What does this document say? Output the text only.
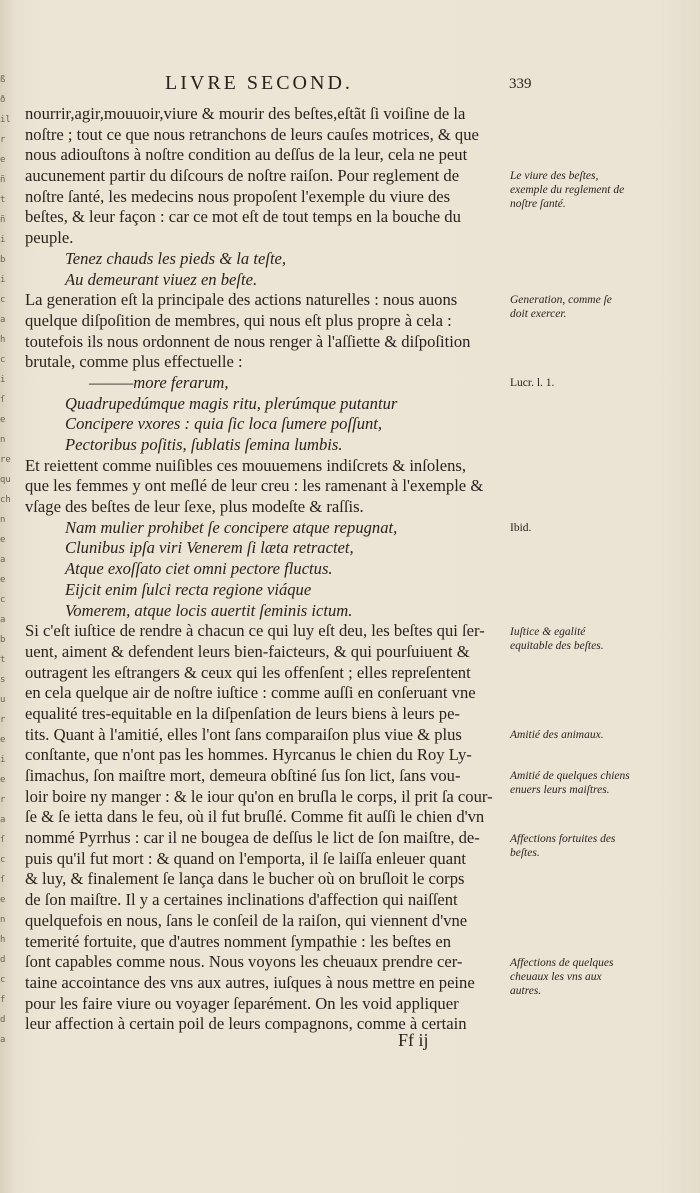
ß
ð
il
r
e
ñ
t
ñ
i
b
i
c
a
h
c
i
ſ
e
n
re
qu
ch
n
e
a
e
c
a
b
t
s
u
r
e
i
e
r
a
ſ
c
ſ
e
n
h
d
c
f
d
a
LIVRE SECOND.	339
nourrir,agir,mouuoir,viure & mourir des beſtes,eſtãt ſi voiſine de la
noſtre ; tout ce que nous retranchons de leurs cauſes motrices, & que
nous adiouſtons à noſtre condition au deſſus de la leur, cela ne peut
aucunement partir du diſcours de noſtre raiſon. Pour reglement de
noſtre ſanté, les medecins nous propoſent l'exemple du viure des
beſtes, & leur façon : car ce mot eſt de tout temps en la bouche du
peuple.
Tenez chauds les pieds & la teſte,
Au demeurant viuez en beſte.
La generation eſt la principale des actions naturelles : nous auons
quelque diſpoſition de membres, qui nous eſt plus propre à cela :
toutefois ils nous ordonnent de nous renger à l'aſſiette & diſpoſition
brutale, comme plus effectuelle :
———more ferarum,
Quadrupedúmque magis ritu, plerúmque putantur
Concipere vxores : quia ſic loca ſumere poſſunt,
Pectoribus poſitis, ſublatis ſemina lumbis.
Et reiettent comme nuiſibles ces mouuemens indiſcrets & inſolens,
que les femmes y ont meſlé de leur creu : les ramenant à l'exemple &
vſage des beſtes de leur ſexe, plus modeſte & raſſis.
Nam mulier prohibet ſe concipere atque repugnat,
Clunibus ipſa viri Venerem ſi læta retractet,
Atque exoſſato ciet omni pectore fluctus.
Eijcit enim ſulci recta regione viáque
Vomerem, atque locis auertit ſeminis ictum.
Si c'eſt iuſtice de rendre à chacun ce qui luy eſt deu, les beſtes qui ſer-
uent, aiment & defendent leurs bien-faicteurs, & qui pourſuiuent &
outragent les eſtrangers & ceux qui les offenſent ; elles repreſentent
en cela quelque air de noſtre iuſtice : comme auſſi en conſeruant vne
equalité tres-equitable en la diſpenſation de leurs biens à leurs pe-
tits. Quant à l'amitié, elles l'ont ſans comparaiſon plus viue & plus
conſtante, que n'ont pas les hommes. Hyrcanus le chien du Roy Ly-
ſimachus, ſon maiſtre mort, demeura obſtiné ſus ſon lict, ſans vou-
loir boire ny manger : & le iour qu'on en bruſla le corps, il prit ſa cour-
ſe & ſe ietta dans le feu, où il fut bruſlé. Comme fit auſſi le chien d'vn
nommé Pyrrhus : car il ne bougea de deſſus le lict de ſon maiſtre, de-
puis qu'il fut mort : & quand on l'emporta, il ſe laiſſa enleuer quant
& luy, & finalement ſe lança dans le bucher où on bruſloit le corps
de ſon maiſtre. Il y a certaines inclinations d'affection qui naiſſent
quelquefois en nous, ſans le conſeil de la raiſon, qui viennent d'vne
temerité fortuite, que d'autres nomment ſympathie : les beſtes en
ſont capables comme nous. Nous voyons les cheuaux prendre cer-
taine accointance des vns aux autres, iuſques à nous mettre en peine
pour les faire viure ou voyager ſeparément. On les void appliquer
leur affection à certain poil de leurs compagnons, comme à certain
Le viure des beſtes, exemple du reglement de noſtre ſanté.
Generation, comme ſe doit exercer.
Lucr. l. 1.
Ibid.
Iuſtice & egalité equitable des beſtes.
Amitié des animaux.
Amitié de quelques chiens enuers leurs maiſtres.
Affections fortuites des beſtes.
Affections de quelques cheuaux les vns aux autres.
Ff ij
